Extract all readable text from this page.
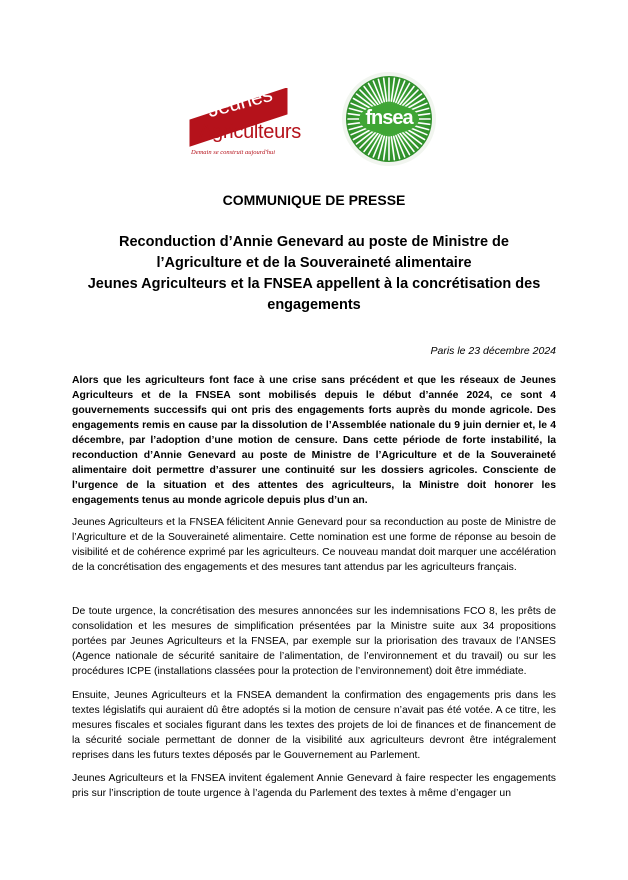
Jeunes
Agriculteurs
Demain se construit aujourd'hui
fnsea
COMMUNIQUE DE PRESSE
Reconduction d’Annie Genevard au poste de Ministre de
l’Agriculture et de la Souveraineté alimentaire
Jeunes Agriculteurs et la FNSEA appellent à la concrétisation des
engagements
Paris le 23 décembre 2024

Alors que les agriculteurs font face à une crise sans précédent et que les réseaux de Jeunes Agriculteurs et de la FNSEA sont mobilisés depuis le début d’année 2024, ce sont 4 gouvernements successifs qui ont pris des engagements forts auprès du monde agricole. Des engagements remis en cause par la dissolution de l’Assemblée nationale du 9 juin dernier et, le 4 décembre, par l’adoption d’une motion de censure. Dans cette période de forte instabilité, la reconduction d’Annie Genevard au poste de Ministre de l’Agriculture et de la Souveraineté alimentaire doit permettre d’assurer une continuité sur les dossiers agricoles. Consciente de l’urgence de la situation et des attentes des agriculteurs, la Ministre doit honorer les engagements tenus au monde agricole depuis plus d’un an.

Jeunes Agriculteurs et la FNSEA félicitent Annie Genevard pour sa reconduction au poste de Ministre de l’Agriculture et de la Souveraineté alimentaire. Cette nomination est une forme de réponse au besoin de visibilité et de cohérence exprimé par les agriculteurs. Ce nouveau mandat doit marquer une accélération de la concrétisation des engagements et des mesures tant attendus par les agriculteurs français.

De toute urgence, la concrétisation des mesures annoncées sur les indemnisations FCO 8, les prêts de consolidation et les mesures de simplification présentées par la Ministre suite aux 34 propositions portées par Jeunes Agriculteurs et la FNSEA, par exemple sur la priorisation des travaux de l’ANSES (Agence nationale de sécurité sanitaire de l’alimentation, de l’environnement et du travail) ou sur les procédures ICPE (installations classées pour la protection de l’environnement) doit être immédiate.

Ensuite, Jeunes Agriculteurs et la FNSEA demandent la confirmation des engagements pris dans les textes législatifs qui auraient dû être adoptés si la motion de censure n’avait pas été votée. A ce titre, les mesures fiscales et sociales figurant dans les textes des projets de loi de finances et de financement de la sécurité sociale permettant de donner de la visibilité aux agriculteurs devront être intégralement reprises dans les futurs textes déposés par le Gouvernement au Parlement.

Jeunes Agriculteurs et la FNSEA invitent également Annie Genevard à faire respecter les engagements pris sur l’inscription de toute urgence à l’agenda du Parlement des textes à même d’engager un
